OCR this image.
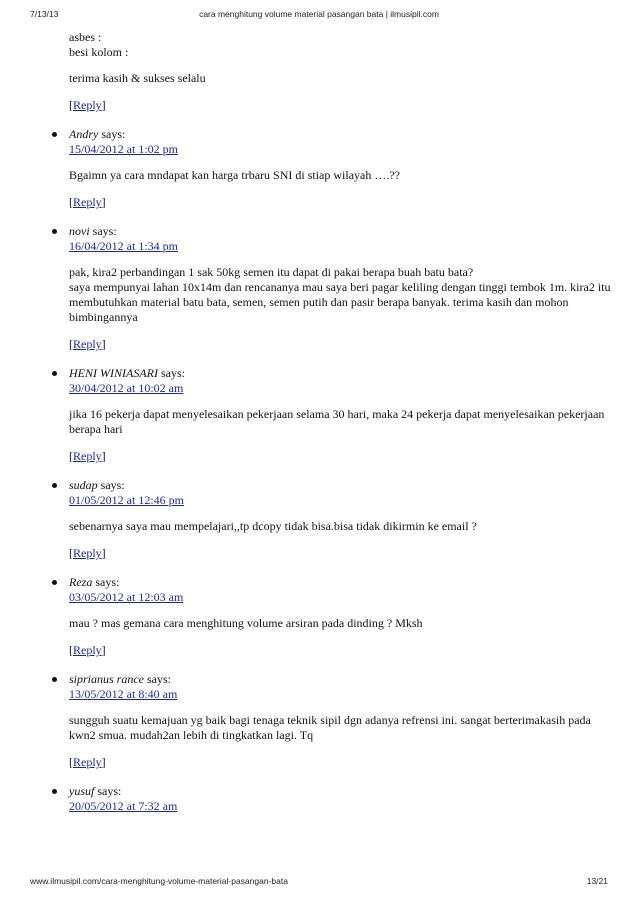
7/13/13	cara menghitung volume material pasangan bata | ilmusipil.com

asbes :

besi kolom :

terima kasih & sukses selalu

[Reply]

Andry says:

15/04/2012 at 1:02 pm

Bgaimn ya cara mndapat kan harga trbaru SNI di stiap wilayah ….??

[Reply]

novi says:

16/04/2012 at 1:34 pm

pak, kira2 perbandingan 1 sak 50kg semen itu dapat di pakai berapa buah batu bata?

saya mempunyai lahan 10x14m dan rencananya mau saya beri pagar keliling dengan tinggi tembok 1m. kira2 itu membutuhkan material batu bata, semen, semen putih dan pasir berapa banyak. terima kasih dan mohon bimbingannya

[Reply]

HENI WINIASARI says:

30/04/2012 at 10:02 am

jika 16 pekerja dapat menyelesaikan pekerjaan selama 30 hari, maka 24 pekerja dapat menyelesaikan pekerjaan berapa hari

[Reply]

sudap says:

01/05/2012 at 12:46 pm

sebenarnya saya mau mempelajari,,tp dcopy tidak bisa.bisa tidak dikirmin ke email ?

[Reply]

Reza says:

03/05/2012 at 12:03 am

mau ? mas gemana cara menghitung volume arsiran pada dinding ? Mksh

[Reply]

siprianus rance says:

13/05/2012 at 8:40 am

sungguh suatu kemajuan yg baik bagi tenaga teknik sipil dgn adanya refrensi ini. sangat berterimakasih pada kwn2 smua. mudah2an lebih di tingkatkan lagi. Tq

[Reply]

yusuf says:

20/05/2012 at 7:32 am
www.ilmusipil.com/cara-menghitung-volume-material-pasangan-bata	13/21
